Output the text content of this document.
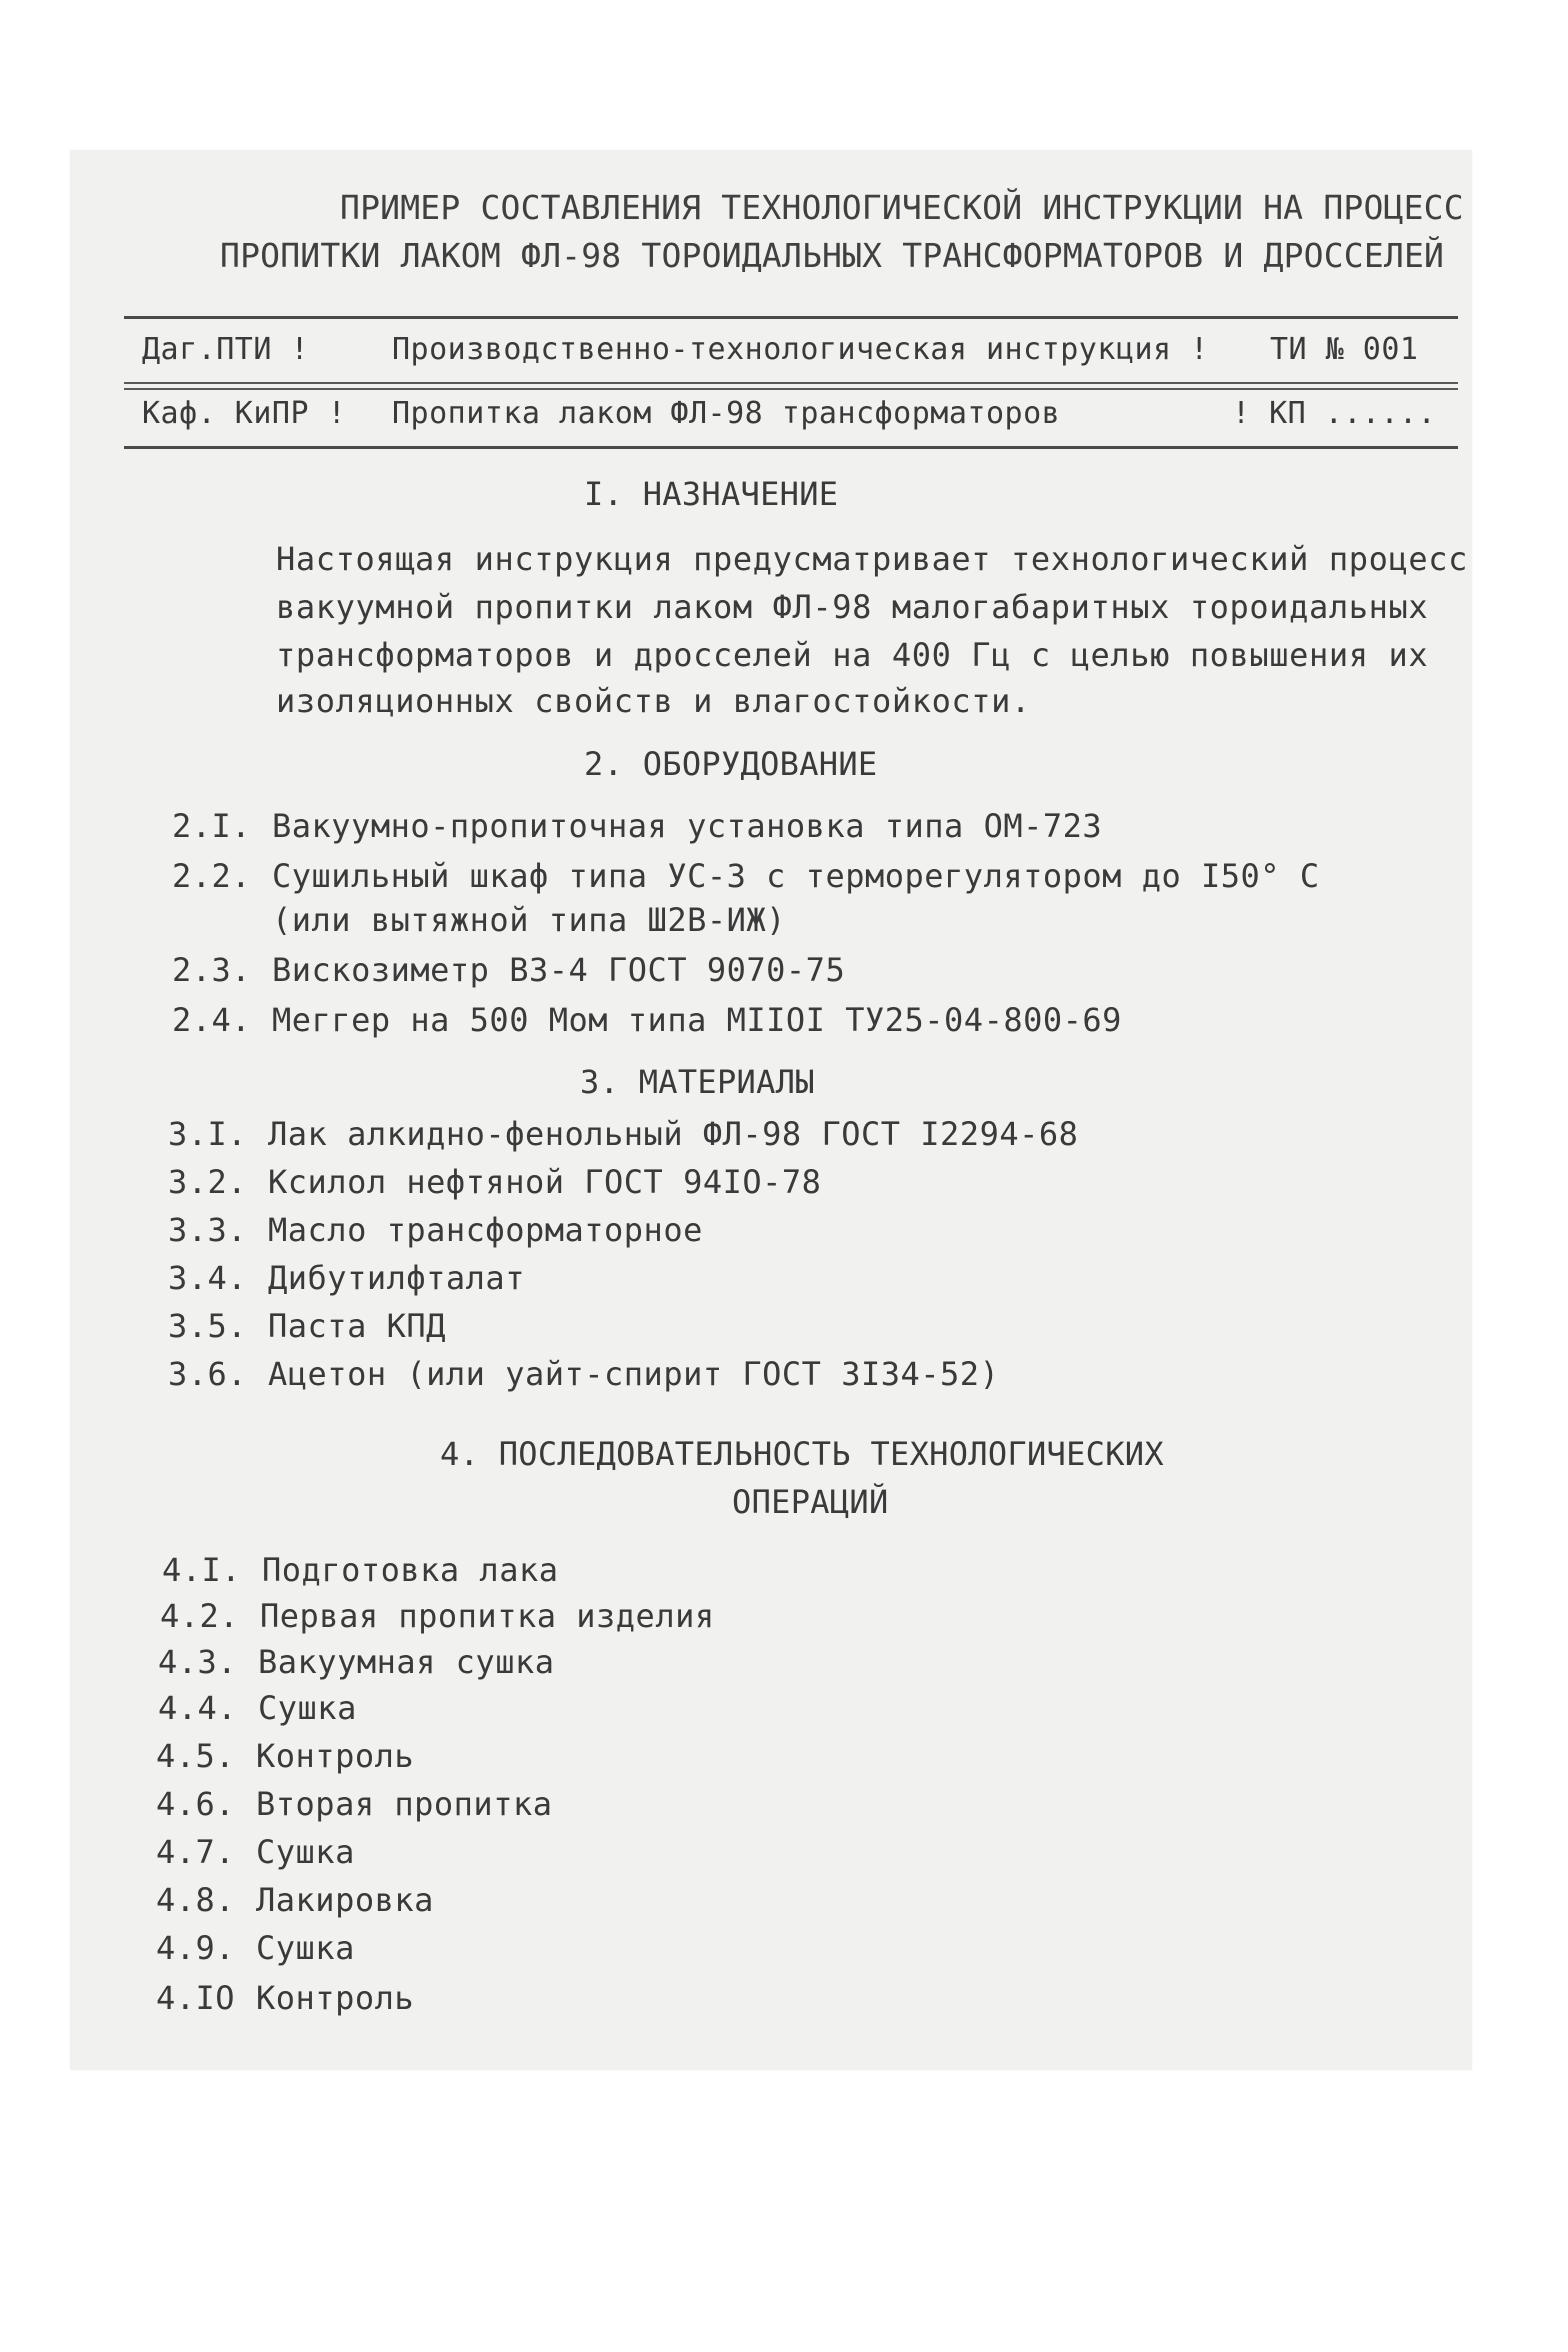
ПРИМЕР СОСТАВЛЕНИЯ ТЕХНОЛОГИЧЕСКОЙ ИНСТРУКЦИИ НА ПРОЦЕСС
ПРОПИТКИ ЛАКОМ ФЛ-98 ТОРОИДАЛЬНЫХ ТРАНСФОРМАТОРОВ И ДРОССЕЛЕЙ
Даг.ПТИ !	Производственно-технологическая инструкция ! ТИ № 001
Каф. КиПР ! Пропитка лаком ФЛ-98 трансформаторов	! КП ......
I. НАЗНАЧЕНИЕ
Настоящая инструкция предусматривает технологический процесс
вакуумной пропитки лаком ФЛ-98 малогабаритных тороидальных
трансформаторов и дросселей на 400 Гц с целью повышения их
изоляционных свойств и влагостойкости.
2. ОБОРУДОВАНИЕ
2.I. Вакуумно-пропиточная установка типа ОМ-723
2.2. Сушильный шкаф типа УС-3 с терморегулятором до I50° С
(или вытяжной типа Ш2В-ИЖ)
2.3. Вискозиметр ВЗ-4 ГОСТ 9070-75
2.4. Меггер на 500 Мом типа МIIOI ТУ25-04-800-69
3. МАТЕРИАЛЫ
3.I. Лак алкидно-фенольный ФЛ-98 ГОСТ I2294-68
3.2. Ксилол нефтяной ГОСТ 94IO-78
3.3. Масло трансформаторное
3.4. Дибутилфталат
3.5. Паста КПД
3.6. Ацетон (или уайт-спирит ГОСТ 3I34-52)
4. ПОСЛЕДОВАТЕЛЬНОСТЬ ТЕХНОЛОГИЧЕСКИХ
ОПЕРАЦИЙ
4.I. Подготовка лака
4.2. Первая пропитка изделия
4.3. Вакуумная сушка
4.4. Сушка
4.5. Контроль
4.6. Вторая пропитка
4.7. Сушка
4.8. Лакировка
4.9. Сушка
4.IO Контроль
